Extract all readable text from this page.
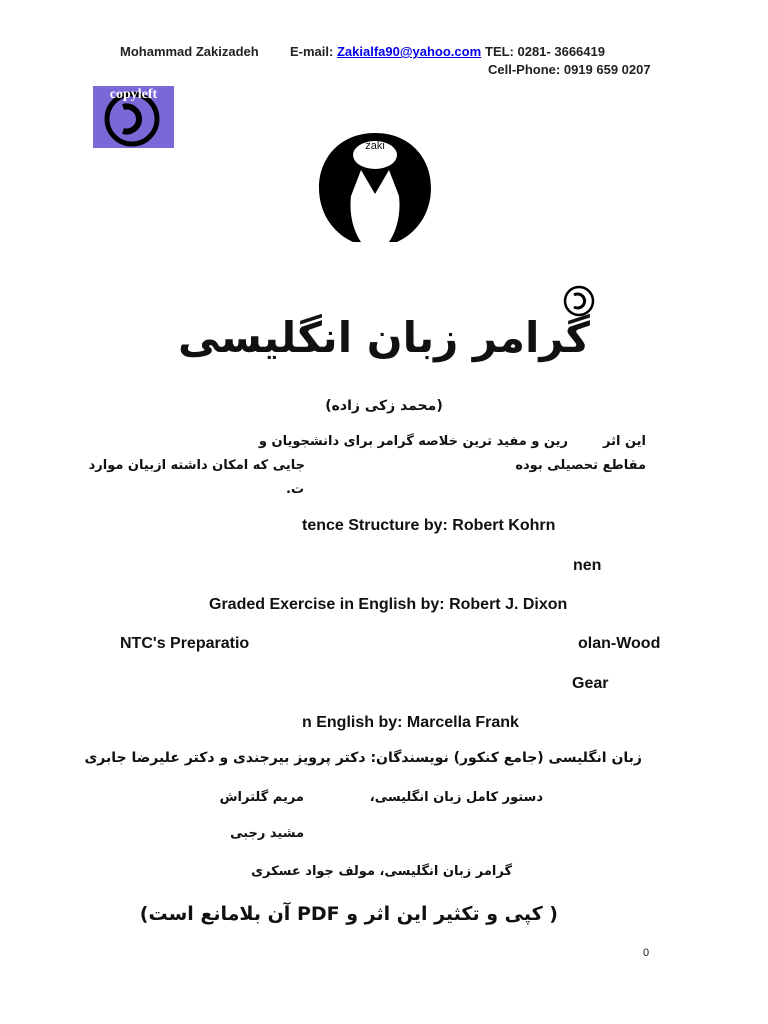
Mohammad Zakizadeh E-mail: Zakialfa90@yahoo.com TEL: 0281- 3666419
Cell-Phone: 0919 659 0207
copyleft
zaki
گرامر زبان انگلیسی
(محمد زکی زاده)
این اثر
رین و مفید ترین خلاصه گرامر برای دانشجویان و
مقاطع تحصیلی بوده
جایی که امکان داشته ازبیان موارد
ت.
tence Structure by: Robert Kohrn
nen
Graded Exercise in English by: Robert J. Dixon
NTC's Preparatio	olan-Wood
Gear
n English by: Marcella Frank
زبان انگلیسی (جامع کنکور) نویسندگان: دکتر پرویز بیرجندی و دکتر علیرضا جابری
دستور کامل زبان انگلیسی،
مریم گلتراش
مشید رجبی
گرامر زبان انگلیسی، مولف جواد عسکری
( کپی و تکثیر این اثر و PDF آن بلامانع است)
0
